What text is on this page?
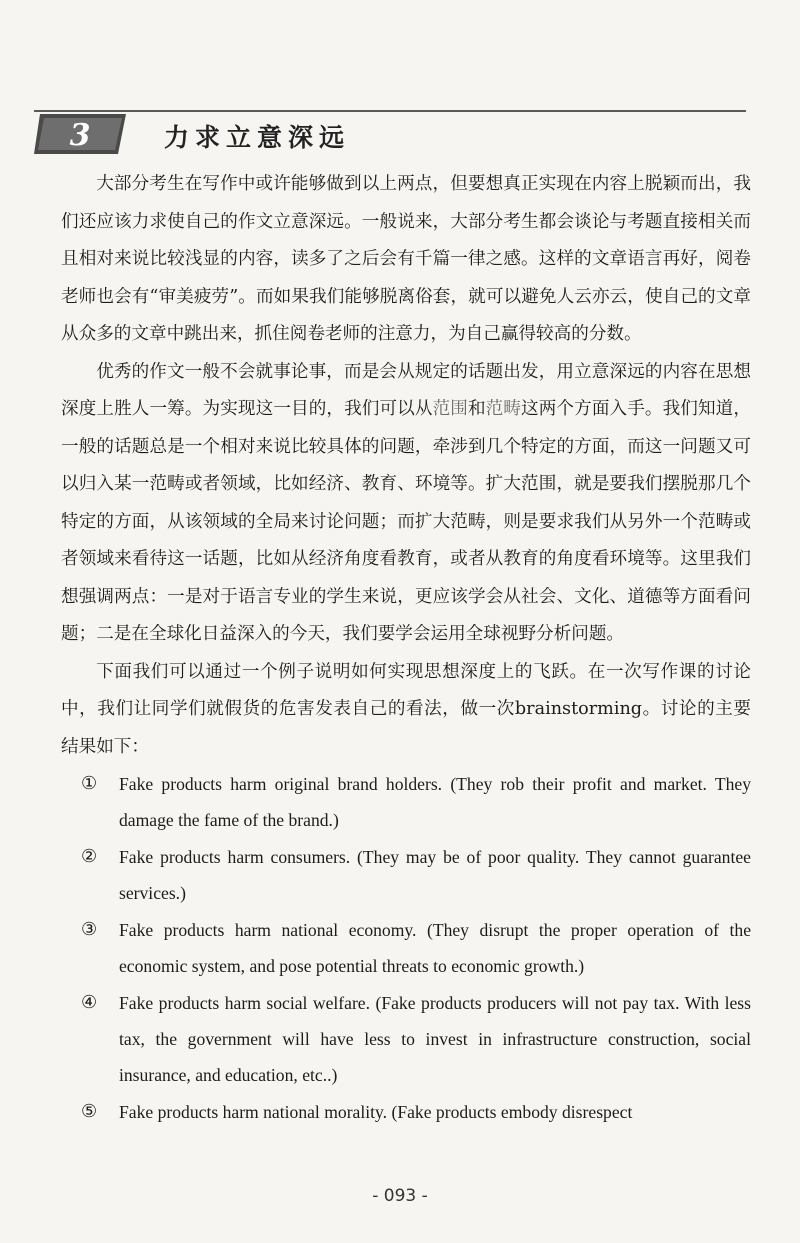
3	力求立意深远

大部分考生在写作中或许能够做到以上两点，但要想真正实现在内容上脱颖而出，我们还应该力求使自己的作文立意深远。一般说来，大部分考生都会谈论与考题直接相关而且相对来说比较浅显的内容，读多了之后会有千篇一律之感。这样的文章语言再好，阅卷老师也会有“审美疲劳”。而如果我们能够脱离俗套，就可以避免人云亦云，使自己的文章从众多的文章中跳出来，抓住阅卷老师的注意力，为自己赢得较高的分数。

优秀的作文一般不会就事论事，而是会从规定的话题出发，用立意深远的内容在思想深度上胜人一筹。为实现这一目的，我们可以从范围和范畴这两个方面入手。我们知道，一般的话题总是一个相对来说比较具体的问题，牵涉到几个特定的方面，而这一问题又可以归入某一范畴或者领域，比如经济、教育、环境等。扩大范围，就是要我们摆脱那几个特定的方面，从该领域的全局来讨论问题；而扩大范畴，则是要求我们从另外一个范畴或者领域来看待这一话题，比如从经济角度看教育，或者从教育的角度看环境等。这里我们想强调两点：一是对于语言专业的学生来说，更应该学会从社会、文化、道德等方面看问题；二是在全球化日益深入的今天，我们要学会运用全球视野分析问题。

下面我们可以通过一个例子说明如何实现思想深度上的飞跃。在一次写作课的讨论中，我们让同学们就假货的危害发表自己的看法，做一次brainstorming。讨论的主要结果如下：

① Fake products harm original brand holders. (They rob their profit and market. They damage the fame of the brand.)
② Fake products harm consumers. (They may be of poor quality. They cannot guarantee services.)
③ Fake products harm national economy. (They disrupt the proper operation of the economic system, and pose potential threats to economic growth.)
④ Fake products harm social welfare. (Fake products producers will not pay tax. With less tax, the government will have less to invest in infrastructure construction, social insurance, and education, etc..)
⑤ Fake products harm national morality. (Fake products embody disrespect
- 093 -
